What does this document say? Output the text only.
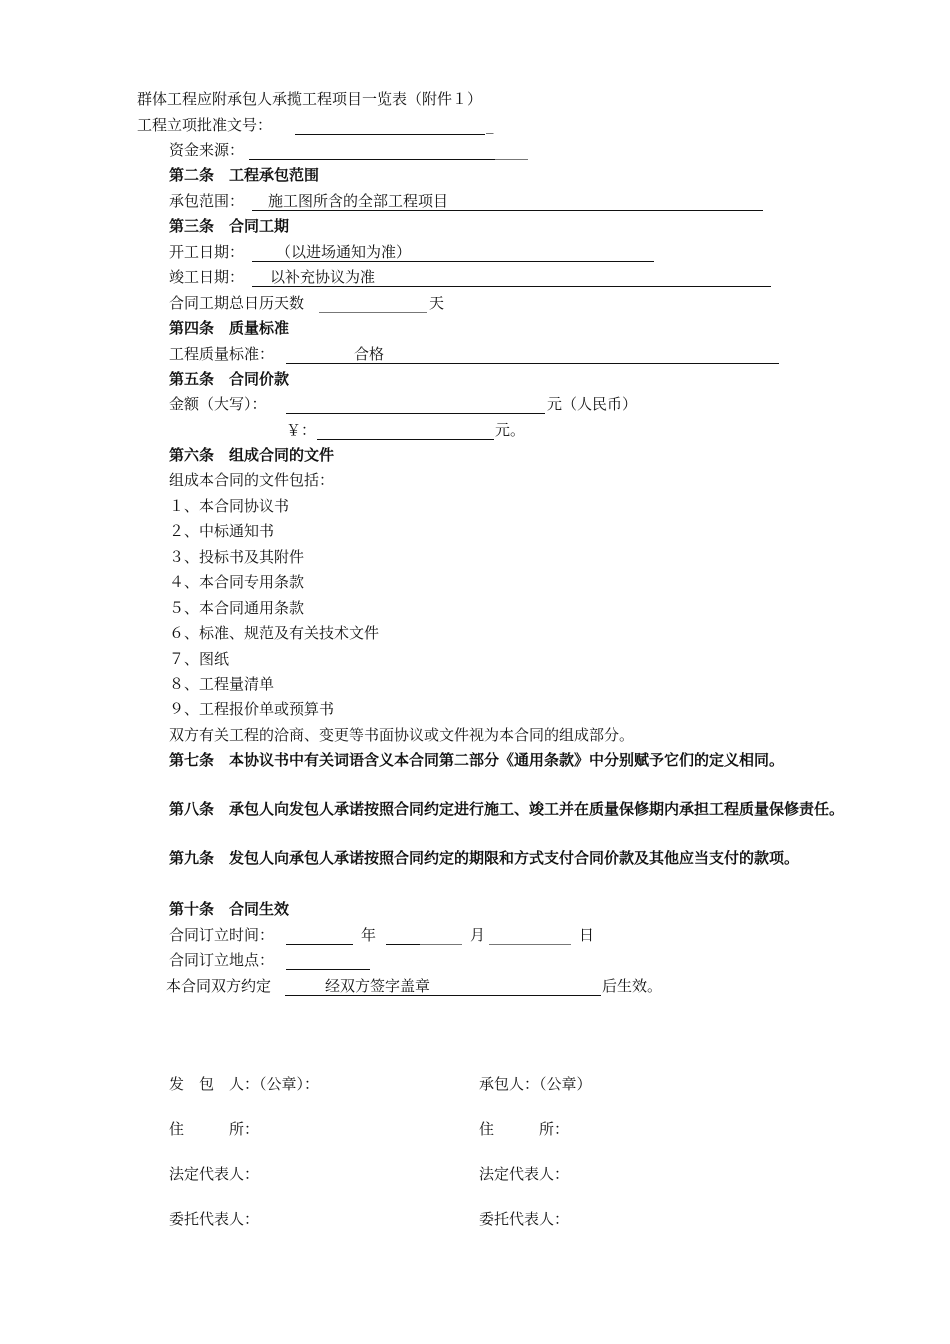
群体工程应附承包人承揽工程项目一览表（附件１）
工程立项批准文号：	_
资金来源：
第二条　工程承包范围
承包范围：	施工图所含的全部工程项目
第三条　合同工期
开工日期：	（以进场通知为准）
竣工日期：	以补充协议为准
合同工期总日历天数	天
第四条　质量标准
工程质量标准：	合格
第五条　合同价款
金额（大写）：	元（人民币）
￥：	元。
第六条　组成合同的文件
组成本合同的文件包括：
１、本合同协议书
２、中标通知书
３、投标书及其附件
４、本合同专用条款
５、本合同通用条款
６、标准、规范及有关技术文件
７、图纸
８、工程量清单
９、工程报价单或预算书
双方有关工程的洽商、变更等书面协议或文件视为本合同的组成部分。
第七条　本协议书中有关词语含义本合同第二部分《通用条款》中分别赋予它们的定义相同。
第八条　承包人向发包人承诺按照合同约定进行施工、竣工并在质量保修期内承担工程质量保修责任。
第九条　发包人向承包人承诺按照合同约定的期限和方式支付合同价款及其他应当支付的款项。
第十条　合同生效
合同订立时间：	年	月	日
合同订立地点：
本合同双方约定	经双方签字盖章	后生效。
发　包　人：（公章）：	承包人：（公章）
住　　　所：	住　　　所：
法定代表人：	法定代表人：
委托代表人：	委托代表人：
